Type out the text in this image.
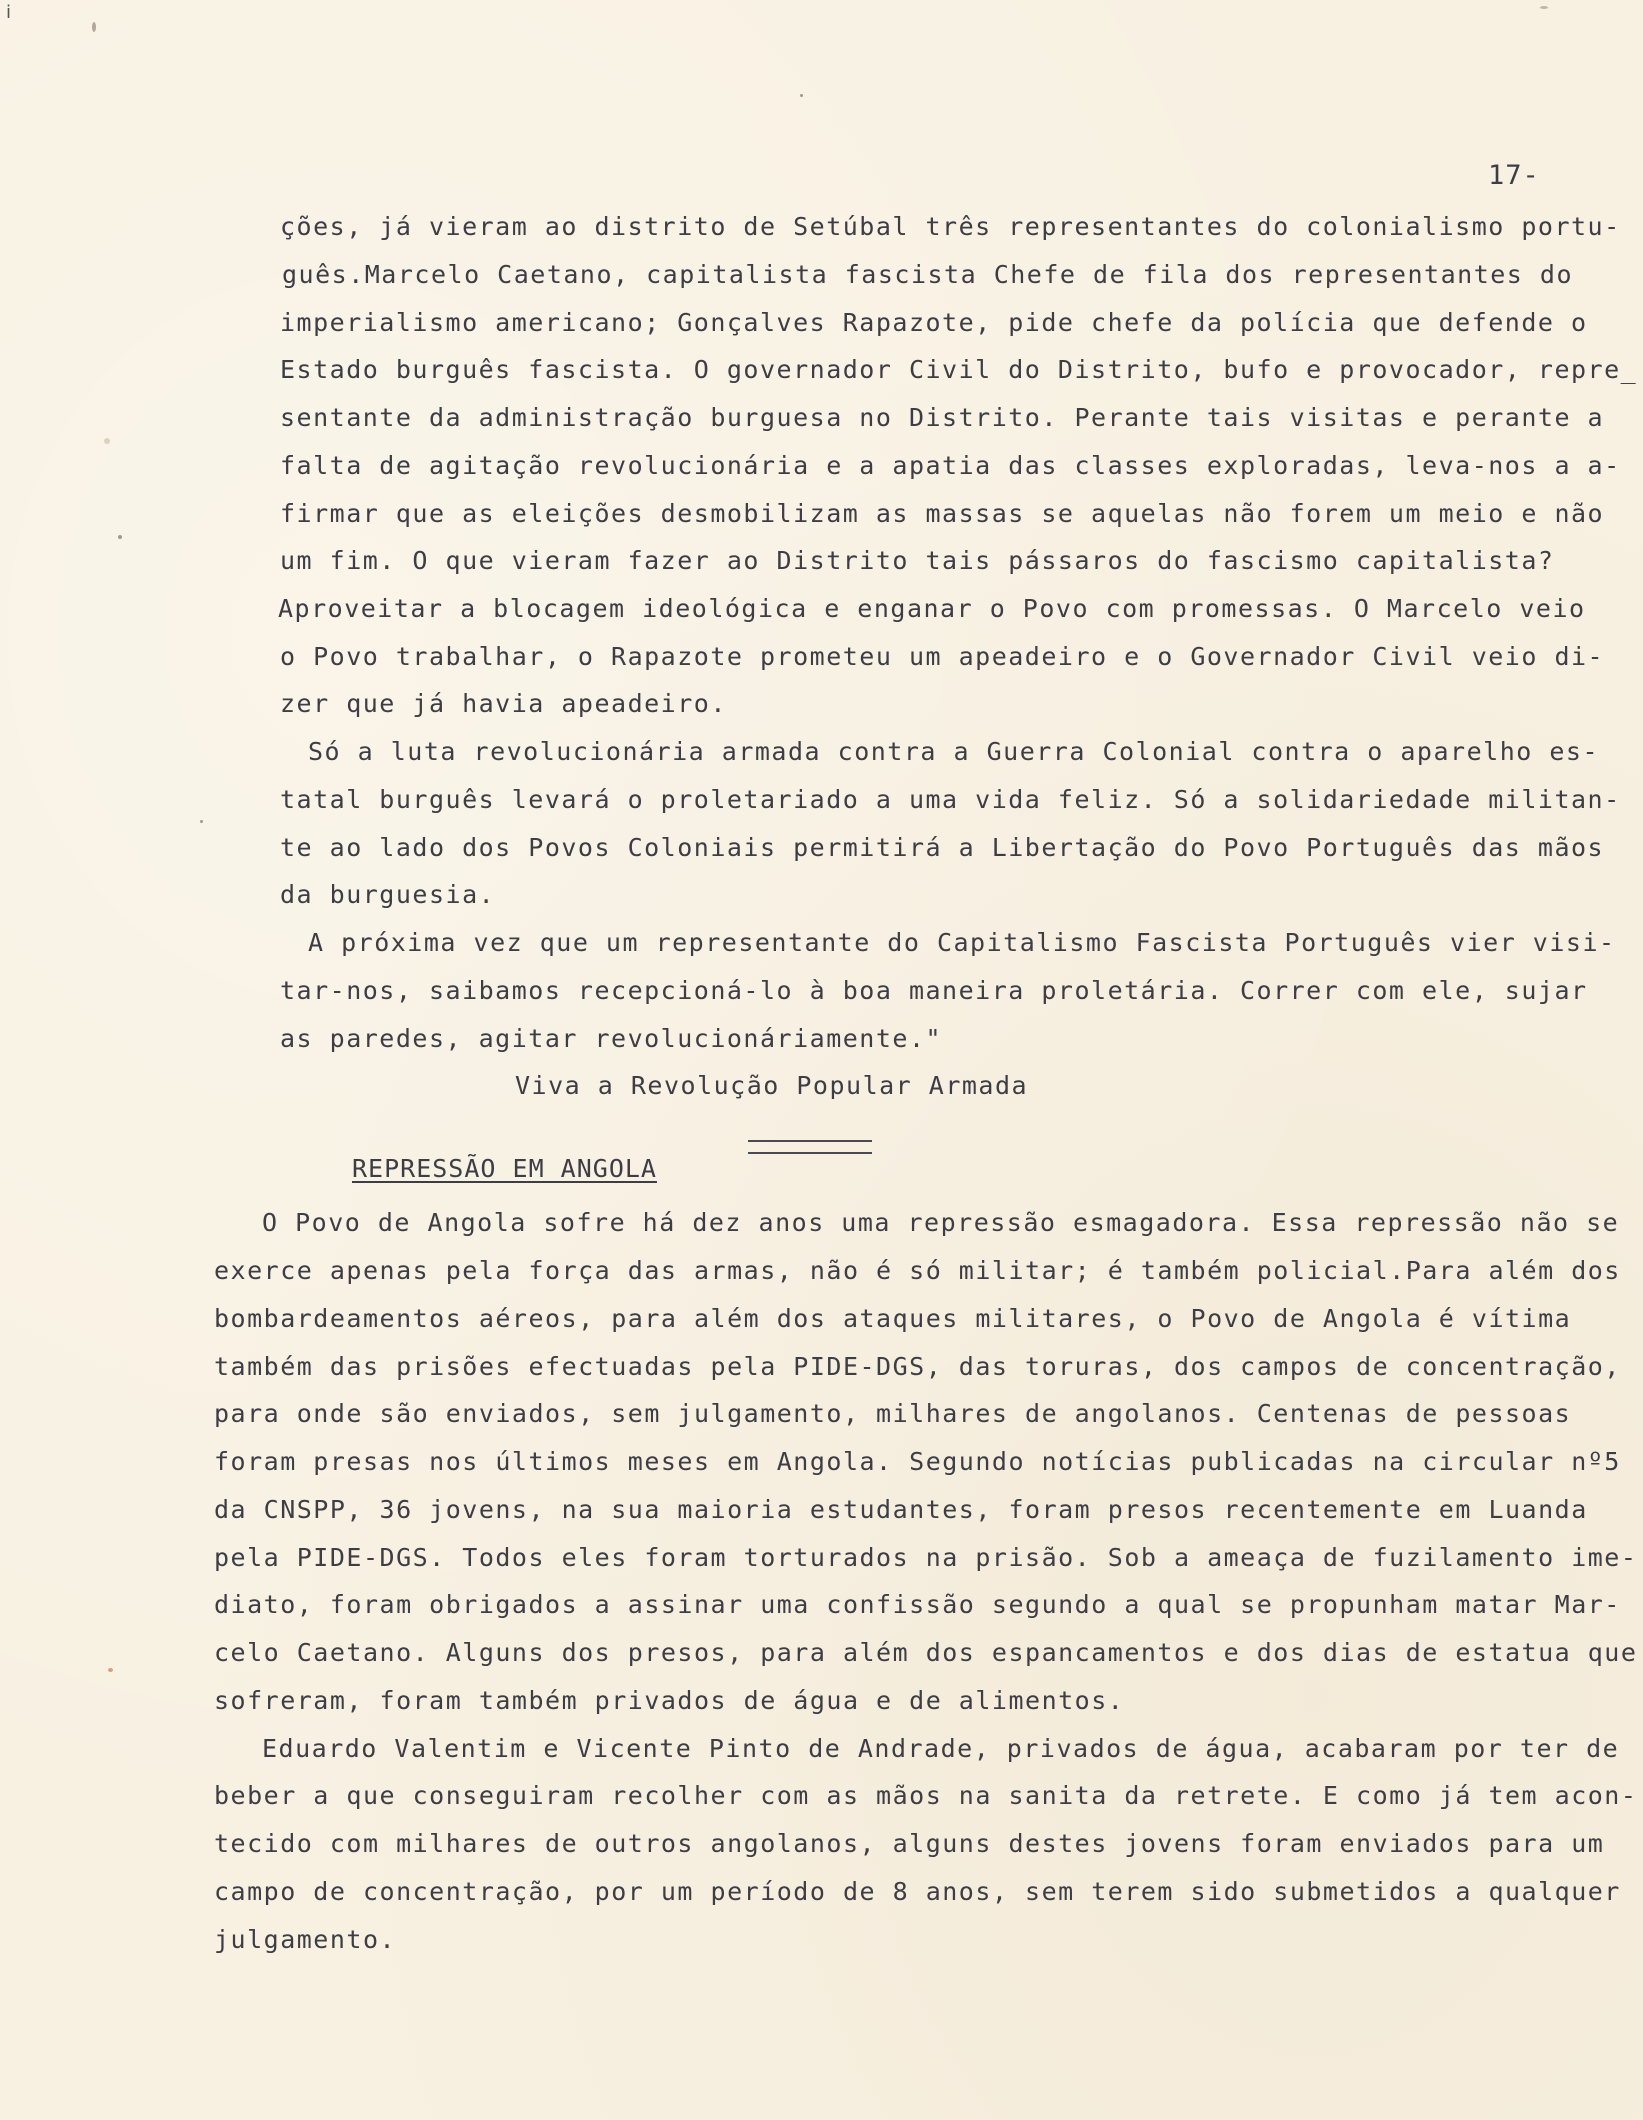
ⅰ
17-
ções, já vieram ao distrito de Setúbal três representantes do colonialismo portu-
guês.Marcelo Caetano, capitalista fascista Chefe de fila dos representantes do
imperialismo americano; Gonçalves Rapazote, pide chefe da polícia que defende o
Estado burguês fascista. O governador Civil do Distrito, bufo e provocador, repre_
sentante da administração burguesa no Distrito. Perante tais visitas e perante a
falta de agitação revolucionária e a apatia das classes exploradas, leva-nos a a-
firmar que as eleições desmobilizam as massas se aquelas não forem um meio e não
um fim. O que vieram fazer ao Distrito tais pássaros do fascismo capitalista?
Aproveitar a blocagem ideológica e enganar o Povo com promessas. O Marcelo veio
o Povo trabalhar, o Rapazote prometeu um apeadeiro e o Governador Civil veio di-
zer que já havia apeadeiro.
Só a luta revolucionária armada contra a Guerra Colonial contra o aparelho es-
tatal burguês levará o proletariado a uma vida feliz. Só a solidariedade militan-
te ao lado dos Povos Coloniais permitirá a Libertação do Povo Português das mãos
da burguesia.
A próxima vez que um representante do Capitalismo Fascista Português vier visi-
tar-nos, saibamos recepcioná-lo à boa maneira proletária. Correr com ele, sujar
as paredes, agitar revolucionáriamente."
Viva a Revolução Popular Armada
REPRESSÃO EM ANGOLA
O Povo de Angola sofre há dez anos uma repressão esmagadora. Essa repressão não se
exerce apenas pela força das armas, não é só militar; é também policial.Para além dos
bombardeamentos aéreos, para além dos ataques militares, o Povo de Angola é vítima
também das prisões efectuadas pela PIDE-DGS, das toruras, dos campos de concentração,
para onde são enviados, sem julgamento, milhares de angolanos. Centenas de pessoas
foram presas nos últimos meses em Angola. Segundo notícias publicadas na circular nº5
da CNSPP, 36 jovens, na sua maioria estudantes, foram presos recentemente em Luanda
pela PIDE-DGS. Todos eles foram torturados na prisão. Sob a ameaça de fuzilamento ime-
diato, foram obrigados a assinar uma confissão segundo a qual se propunham matar Mar-
celo Caetano. Alguns dos presos, para além dos espancamentos e dos dias de estatua que
sofreram, foram também privados de água e de alimentos.
Eduardo Valentim e Vicente Pinto de Andrade, privados de água, acabaram por ter de
beber a que conseguiram recolher com as mãos na sanita da retrete. E como já tem acon-
tecido com milhares de outros angolanos, alguns destes jovens foram enviados para um
campo de concentração, por um período de 8 anos, sem terem sido submetidos a qualquer
julgamento.
